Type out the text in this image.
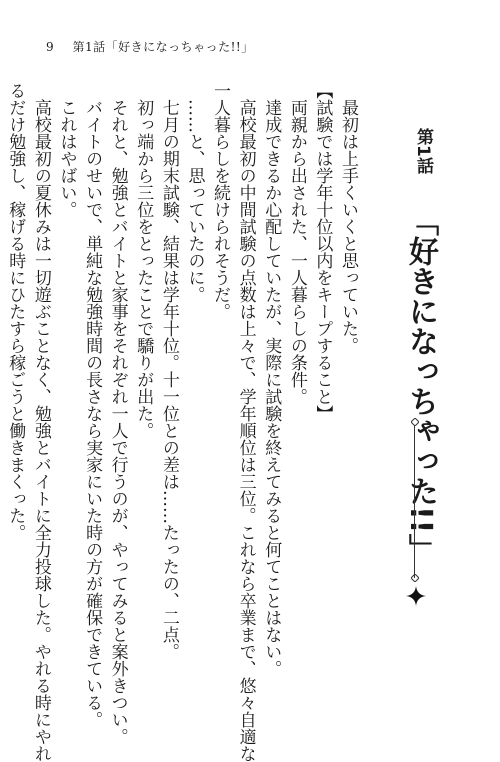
9 第1話「好きになっちゃった!!」
第1話
「好きになっちゃった!!」
最初は上手くいくと思っていた。
【試験では学年十位以内をキープすること】
両親から出された、一人暮らしの条件。
達成できるか心配していたが、実際に試験を終えてみると何てことはない。
高校最初の中間試験の点数は上々で、学年順位は三位。これなら卒業まで、悠々自適な
一人暮らしを続けられそうだ。
……と、思っていたのに。
七月の期末試験、結果は学年十位。十一位との差は……たったの、二点。
初っ端から三位をとったことで驕りが出た。
それと、勉強とバイトと家事をそれぞれ一人で行うのが、やってみると案外きつい。
バイトのせいで、単純な勉強時間の長さなら実家にいた時の方が確保できている。
これはやばい。
高校最初の夏休みは一切遊ぶことなく、勉強とバイトに全力投球した。やれる時にやれ
るだけ勉強し、稼げる時にひたすら稼ごうと働きまくった。
